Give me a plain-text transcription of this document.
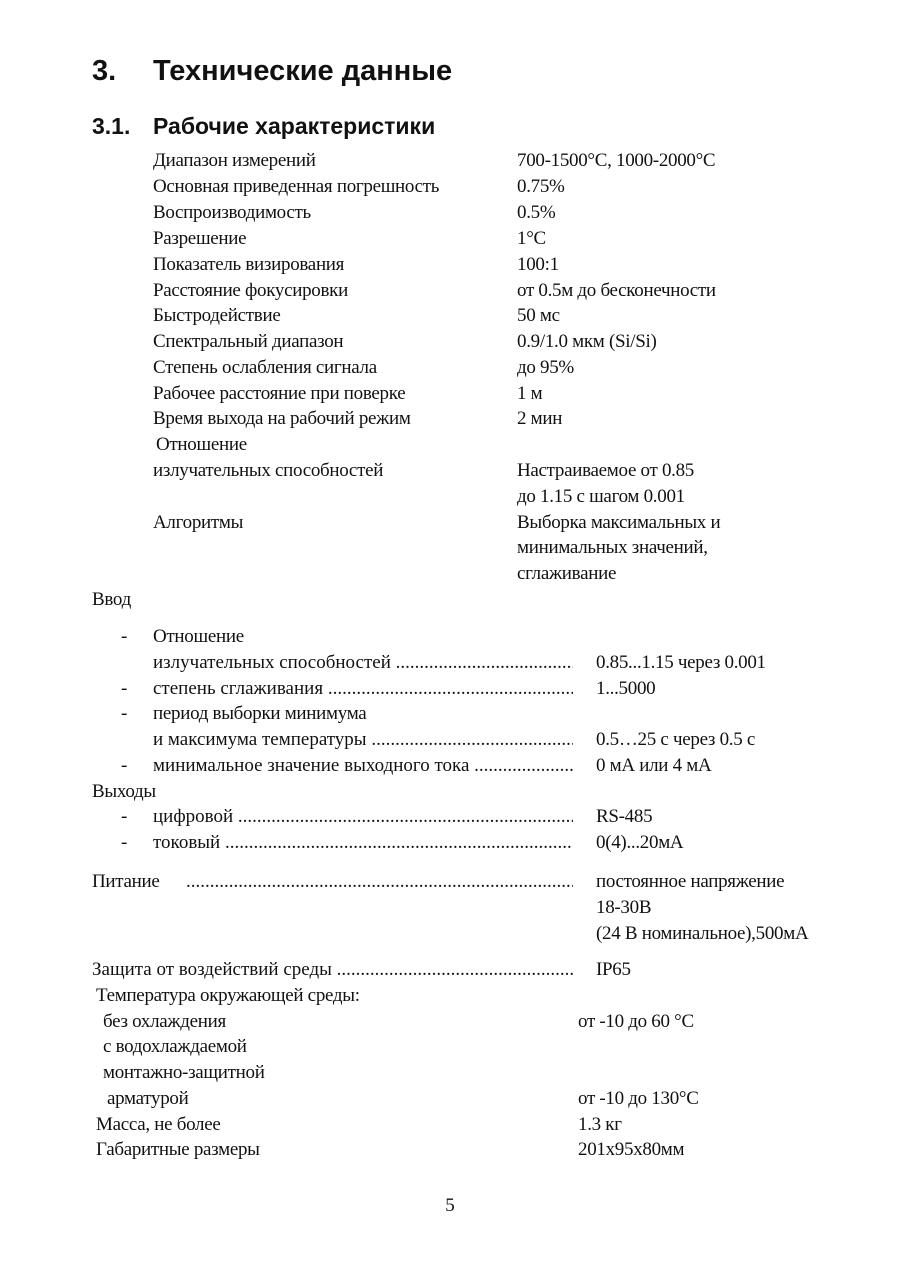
3. Технические данные
3.1. Рабочие характеристики
Диапазон измерений	700-1500°С, 1000-2000°С
Основная приведенная погрешность	0.75%
Воспроизводимость	0.5%
Разрешение	1°С
Показатель визирования	100:1
Расстояние фокусировки	от 0.5м до бесконечности
Быстродействие	50 мс
Спектральный диапазон	0.9/1.0 мкм (Si/Si)
Степень ослабления сигнала	до 95%
Рабочее расстояние при поверке	1 м
Время выхода на рабочий режим	2 мин
Отношение
излучательных способностей	Настраиваемое от 0.85
до 1.15 с шагом 0.001
Алгоритмы	Выборка максимальных и
минимальных значений,
сглаживание
Ввод
- Отношение
излучательных способностей .....	0.85...1.15 через 0.001
- степень сглаживания .....	1...5000
- период выборки минимума
и максимума температуры .....	0.5…25 с через 0.5 с
- минимальное значение выходного тока .....	0 мА или 4 мА
Выходы
- цифровой .....	RS-485
- токовый .....	0(4)...20мА
Питание
.....	постоянное напряжение
18-30В
(24 В номинальное),500мА
Защита от воздействий среды .....	IP65
Температура окружающей среды:
без охлаждения	от -10 до 60 °С
с водохлаждаемой
монтажно-защитной
арматурой	от -10 до 130°С
Масса, не более	1.3 кг
Габаритные размеры	201х95х80мм
5
